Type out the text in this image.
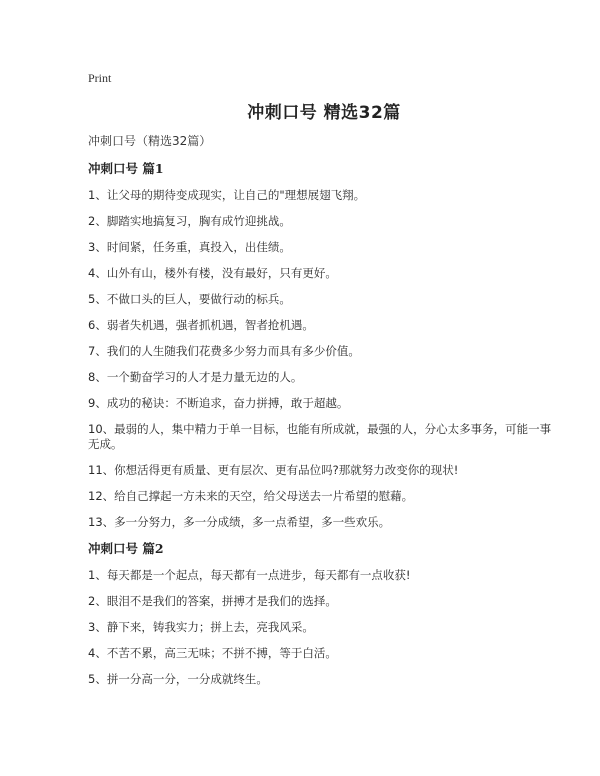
Print
冲刺口号 精选32篇
冲刺口号（精选32篇）
冲刺口号 篇1
1、让父母的期待变成现实，让自己的"理想展翅飞翔。
2、脚踏实地搞复习，胸有成竹迎挑战。
3、时间紧，任务重，真投入，出佳绩。
4、山外有山，楼外有楼，没有最好，只有更好。
5、不做口头的巨人，要做行动的标兵。
6、弱者失机遇，强者抓机遇，智者抢机遇。
7、我们的人生随我们花费多少努力而具有多少价值。
8、一个勤奋学习的人才是力量无边的人。
9、成功的秘诀：不断追求，奋力拼搏，敢于超越。
10、最弱的人，集中精力于单一目标，也能有所成就，最强的人，分心太多事务，可能一事无成。
11、你想活得更有质量、更有层次、更有品位吗?那就努力改变你的现状!
12、给自己撑起一方未来的天空，给父母送去一片希望的慰藉。
13、多一分努力，多一分成绩，多一点希望，多一些欢乐。
冲刺口号 篇2
1、每天都是一个起点，每天都有一点进步，每天都有一点收获!
2、眼泪不是我们的答案，拼搏才是我们的选择。
3、静下来，铸我实力；拼上去，亮我风采。
4、不苦不累，高三无味；不拼不搏，等于白活。
5、拼一分高一分，一分成就终生。
